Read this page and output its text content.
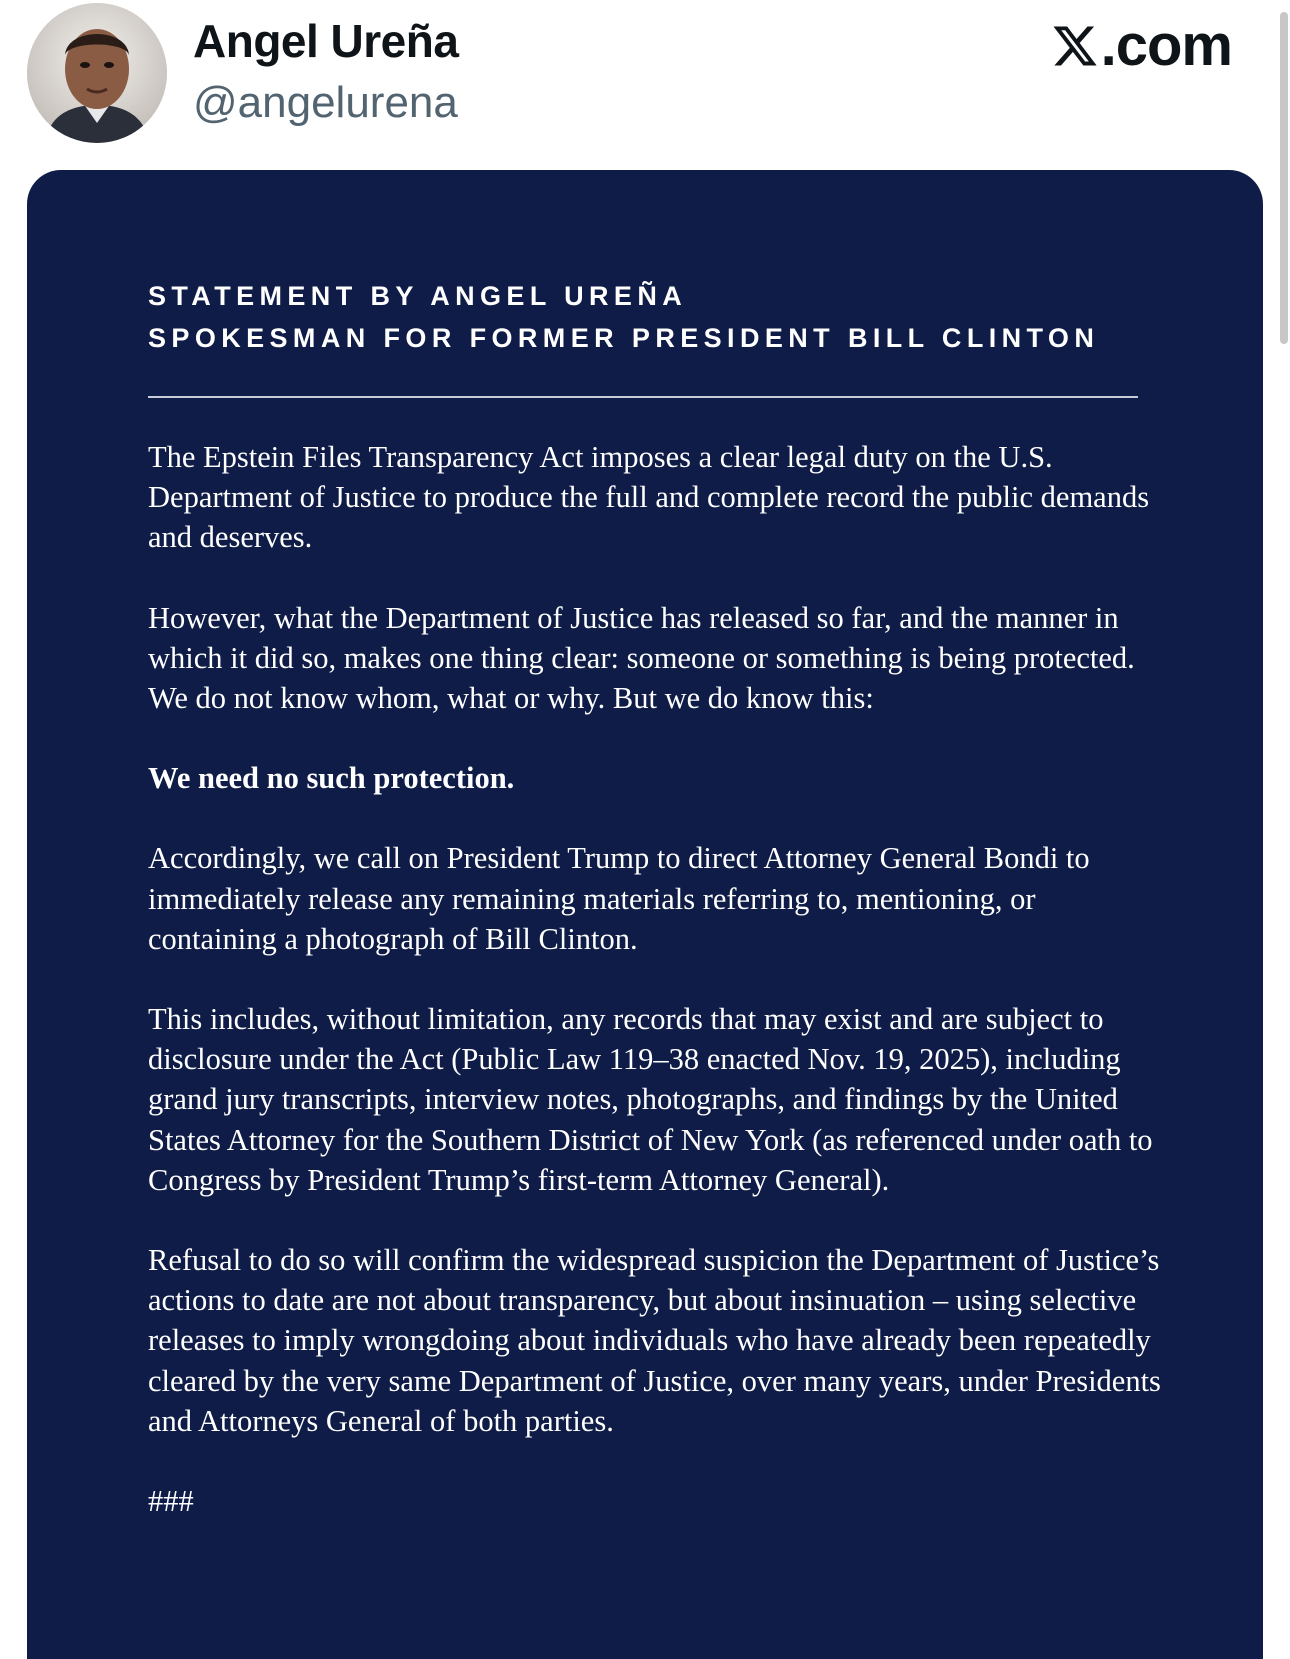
Angel Ureña
@angelurena
.com
STATEMENT BY ANGEL UREÑA
SPOKESMAN FOR FORMER PRESIDENT BILL CLINTON

The Epstein Files Transparency Act imposes a clear legal duty on the U.S. Department of Justice to produce the full and complete record the public demands and deserves.

However, what the Department of Justice has released so far, and the manner in which it did so, makes one thing clear: someone or something is being protected. We do not know whom, what or why. But we do know this:

We need no such protection.

Accordingly, we call on President Trump to direct Attorney General Bondi to immediately release any remaining materials referring to, mentioning, or containing a photograph of Bill Clinton.

This includes, without limitation, any records that may exist and are subject to disclosure under the Act (Public Law 119–38 enacted Nov. 19, 2025), including grand jury transcripts, interview notes, photographs, and findings by the United States Attorney for the Southern District of New York (as referenced under oath to Congress by President Trump’s first-term Attorney General).

Refusal to do so will confirm the widespread suspicion the Department of Justice’s actions to date are not about transparency, but about insinuation – using selective releases to imply wrongdoing about individuals who have already been repeatedly cleared by the very same Department of Justice, over many years, under Presidents and Attorneys General of both parties.

###
